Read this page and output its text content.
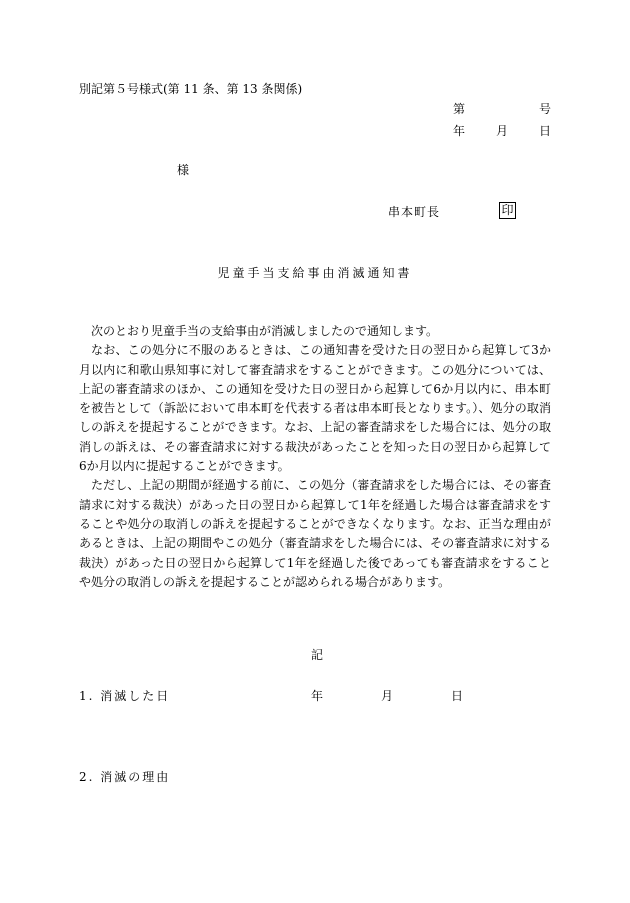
別記第５号様式(第 11 条、第 13 条関係)
第	号
年	月	日
様
串本町長	印
児童手当支給事由消滅通知書

次のとおり児童手当の支給事由が消滅しましたので通知します。

なお、この処分に不服のあるときは、この通知書を受けた日の翌日から起算して3か月以内に和歌山県知事に対して審査請求をすることができます。この処分については、上記の審査請求のほか、この通知を受けた日の翌日から起算して6か月以内に、串本町を被告として（訴訟において串本町を代表する者は串本町長となります。）、処分の取消しの訴えを提起することができます。なお、上記の審査請求をした場合には、処分の取消しの訴えは、その審査請求に対する裁決があったことを知った日の翌日から起算して6か月以内に提起することができます。

ただし、上記の期間が経過する前に、この処分（審査請求をした場合には、その審査請求に対する裁決）があった日の翌日から起算して1年を経過した場合は審査請求をすることや処分の取消しの訴えを提起することができなくなります。なお、正当な理由があるときは、上記の期間やこの処分（審査請求をした場合には、その審査請求に対する裁決）があった日の翌日から起算して1年を経過した後であっても審査請求をすることや処分の取消しの訴えを提起することが認められる場合があります。

記
1. 消滅した日	年	月	日
2. 消滅の理由
